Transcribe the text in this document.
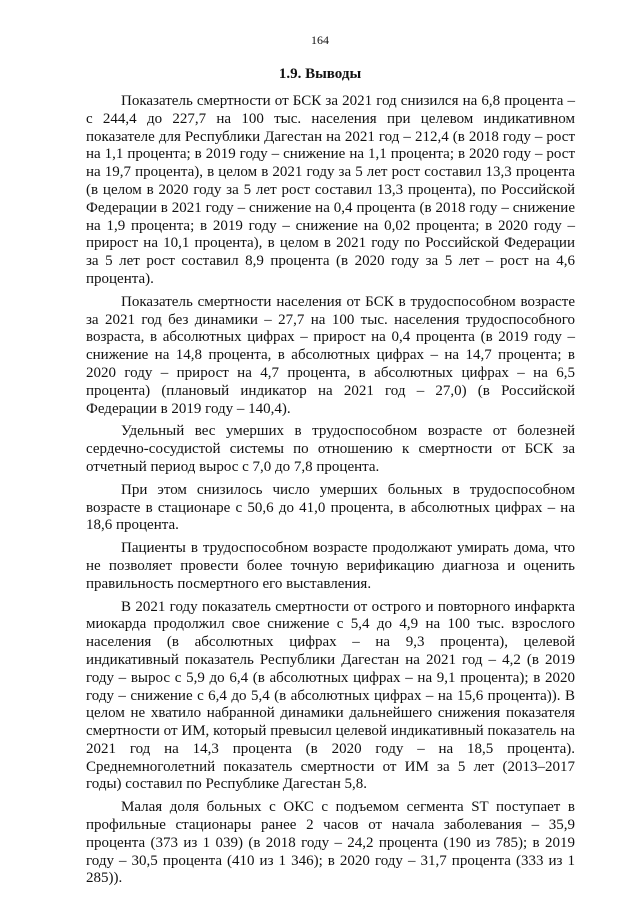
164
1.9. Выводы

Показатель смертности от БСК за 2021 год снизился на 6,8 процента – с 244,4 до 227,7 на 100 тыс. населения при целевом индикативном показателе для Республики Дагестан на 2021 год – 212,4 (в 2018 году – рост на 1,1 процента; в 2019 году – снижение на 1,1 процента; в 2020 году – рост на 19,7 процента), в целом в 2021 году за 5 лет рост составил 13,3 процента (в целом в 2020 году за 5 лет рост составил 13,3 процента), по Российской Федерации в 2021 году – снижение на 0,4 процента (в 2018 году – снижение на 1,9 процента; в 2019 году – снижение на 0,02 процента; в 2020 году – прирост на 10,1 процента), в целом в 2021 году по Российской Федерации за 5 лет рост составил 8,9 процента (в 2020 году за 5 лет – рост на 4,6 процента).

Показатель смертности населения от БСК в трудоспособном возрасте за 2021 год без динамики – 27,7 на 100 тыс. населения трудоспособного возраста, в абсолютных цифрах – прирост на 0,4 процента (в 2019 году – снижение на 14,8 процента, в абсолютных цифрах – на 14,7 процента; в 2020 году – прирост на 4,7 процента, в абсолютных цифрах – на 6,5 процента) (плановый индикатор на 2021 год – 27,0) (в Российской Федерации в 2019 году – 140,4).

Удельный вес умерших в трудоспособном возрасте от болезней сердечно-сосудистой системы по отношению к смертности от БСК за отчетный период вырос с 7,0 до 7,8 процента.

При этом снизилось число умерших больных в трудоспособном возрасте в стационаре с 50,6 до 41,0 процента, в абсолютных цифрах – на 18,6 процента.

Пациенты в трудоспособном возрасте продолжают умирать дома, что не позволяет провести более точную верификацию диагноза и оценить правильность посмертного его выставления.

В 2021 году показатель смертности от острого и повторного инфаркта миокарда продолжил свое снижение с 5,4 до 4,9 на 100 тыс. взрослого населения (в абсолютных цифрах – на 9,3 процента), целевой индикативный показатель Республики Дагестан на 2021 год – 4,2 (в 2019 году – вырос с 5,9 до 6,4 (в абсолютных цифрах – на 9,1 процента); в 2020 году – снижение с 6,4 до 5,4 (в абсолютных цифрах – на 15,6 процента)). В целом не хватило набранной динамики дальнейшего снижения показателя смертности от ИМ, который превысил целевой индикативный показатель на 2021 год на 14,3 процента (в 2020 году – на 18,5 процента). Среднемноголетний показатель смертности от ИМ за 5 лет (2013–2017 годы) составил по Республике Дагестан 5,8.

Малая доля больных с ОКС с подъемом сегмента ST поступает в профильные стационары ранее 2 часов от начала заболевания – 35,9 процента (373 из 1 039) (в 2018 году – 24,2 процента (190 из 785); в 2019 году – 30,5 процента (410 из 1 346); в 2020 году – 31,7 процента (333 из 1 285)).
